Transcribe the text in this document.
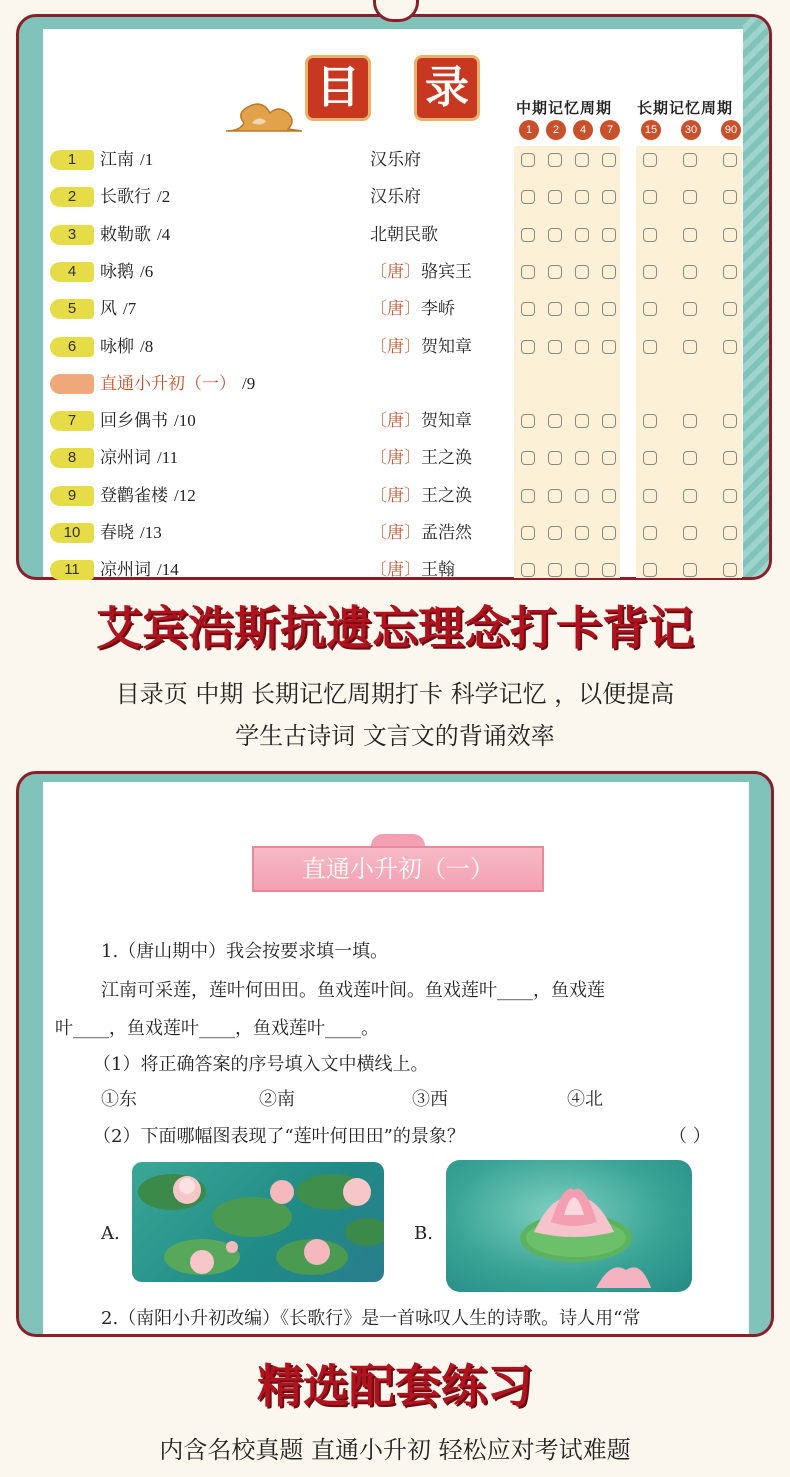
目 录	中期记忆周期 长期记忆周期
1	2	4	7	15	30	90
1	江南 /1	汉乐府
2	长歌行 /2	汉乐府
3	敕勒歌 /4	北朝民歌
4	咏鹅 /6	〔唐〕骆宾王
5	风 /7	〔唐〕李峤
6	咏柳 /8	〔唐〕贺知章
直通小升初（一） /9
7	回乡偶书 /10	〔唐〕贺知章
8	凉州词 /11	〔唐〕王之涣
9	登鹳雀楼 /12	〔唐〕王之涣
10	春晓 /13	〔唐〕孟浩然
11	凉州词 /14	〔唐〕王翰
艾宾浩斯抗遗忘理念打卡背记
目录页 中期 长期记忆周期打卡 科学记忆 ，以便提高
学生古诗词 文言文的背诵效率
直通小升初（一）
1.（唐山期中）我会按要求填一填。
江南可采莲，莲叶何田田。鱼戏莲叶间。鱼戏莲叶____，鱼戏莲
叶____，鱼戏莲叶____，鱼戏莲叶____。
（1）将正确答案的序号填入文中横线上。
①东	②南	③西	④北
（2）下面哪幅图表现了“莲叶何田田”的景象？	（ ）
A.	B.
2.（南阳小升初改编）《长歌行》是一首咏叹人生的诗歌。诗人用“常
精选配套练习
内含名校真题 直通小升初 轻松应对考试难题
